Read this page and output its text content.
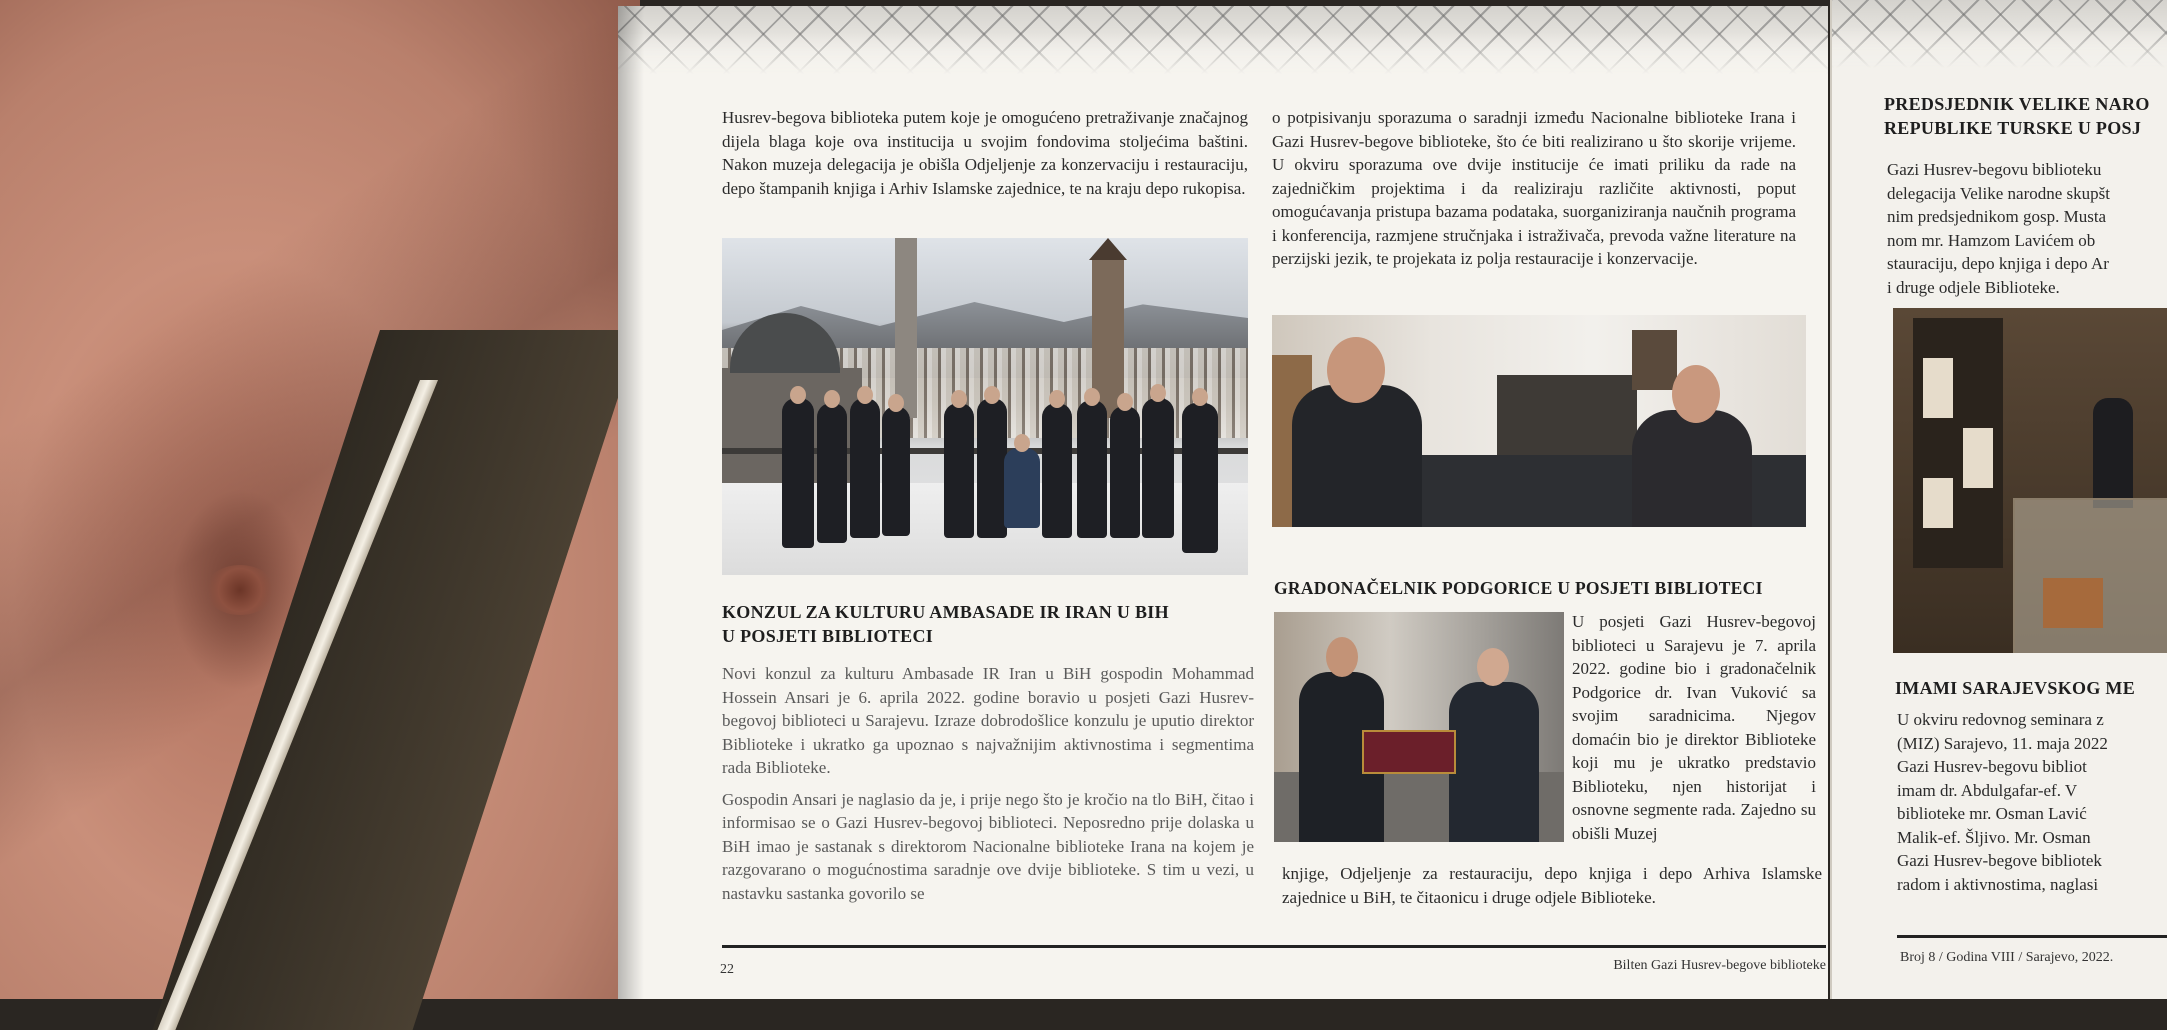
Husrev-begova biblioteka putem koje je omogućeno pretraživanje značajnog dijela blaga koje ova institucija u svojim fondovima stoljećima baštini. Nakon muzeja delegacija je obišla Odjeljenje za konzervaciju i restauraciju, depo štampanih knjiga i Arhiv Islamske zajednice, te na kraju depo rukopisa.

o potpisivanju sporazuma o saradnji između Nacionalne biblioteke Irana i Gazi Husrev-begove biblioteke, što će biti realizirano u što skorije vrijeme. U okviru sporazuma ove dvije institucije će imati priliku da rade na zajedničkim projektima i da realiziraju različite aktivnosti, poput omogućavanja pristupa bazama podataka, suorganiziranja naučnih programa i konferencija, razmjene stručnjaka i istraživača, prevoda važne literature na perzijski jezik, te projekata iz polja restauracije i konzervacije.

KONZUL ZA KULTURU AMBASADE IR IRAN U BIH
U POSJETI BIBLIOTECI

Novi konzul za kulturu Ambasade IR Iran u BiH gospodin Mohammad Hossein Ansari je 6. aprila 2022. godine boravio u posjeti Gazi Husrev-begovoj biblioteci u Sarajevu. Izraze dobrodošlice konzulu je uputio direktor Biblioteke i ukratko ga upoznao s najvažnijim aktivnostima i segmentima rada Biblioteke.

Gospodin Ansari je naglasio da je, i prije nego što je kročio na tlo BiH, čitao i informisao se o Gazi Husrev-begovoj biblioteci. Neposredno prije dolaska u BiH imao je sastanak s direktorom Nacionalne biblioteke Irana na kojem je razgovarano o mogućnostima saradnje ove dvije biblioteke. S tim u vezi, u nastavku sastanka govorilo se

GRADONAČELNIK PODGORICE U POSJETI BIBLIOTECI

U posjeti Gazi Husrev-begovoj biblioteci u Sarajevu je 7. aprila 2022. godine bio i gradonačelnik Podgorice dr. Ivan Vuković sa svojim saradnicima. Njegov domaćin bio je direktor Biblioteke koji mu je ukratko predstavio Biblioteku, njen historijat i osnovne segmente rada. Zajedno su obišli Muzej

knjige, Odjeljenje za restauraciju, depo knjiga i depo Arhiva Islamske zajednice u BiH, te čitaonicu i druge odjele Biblioteke.

22	Bilten Gazi Husrev-begove biblioteke
PREDSJEDNIK VELIKE NARO
REPUBLIKE TURSKE U POSJ
Gazi Husrev-begovu biblioteku
delegacija Velike narodne skupšt
nim predsjednikom gosp. Musta
nom mr. Hamzom Lavićem ob
stauraciju, depo knjiga i depo Ar
i druge odjele Biblioteke.
IMAMI SARAJEVSKOG ME
U okviru redovnog seminara z
(MIZ) Sarajevo, 11. maja 2022
Gazi Husrev-begovu bibliot
imam dr. Abdulgafar-ef. V
biblioteke mr. Osman Lavić
Malik-ef. Šljivo. Mr. Osman
Gazi Husrev-begove bibliotek
radom i aktivnostima, naglasi
Broj 8 / Godina VIII / Sarajevo, 2022.
